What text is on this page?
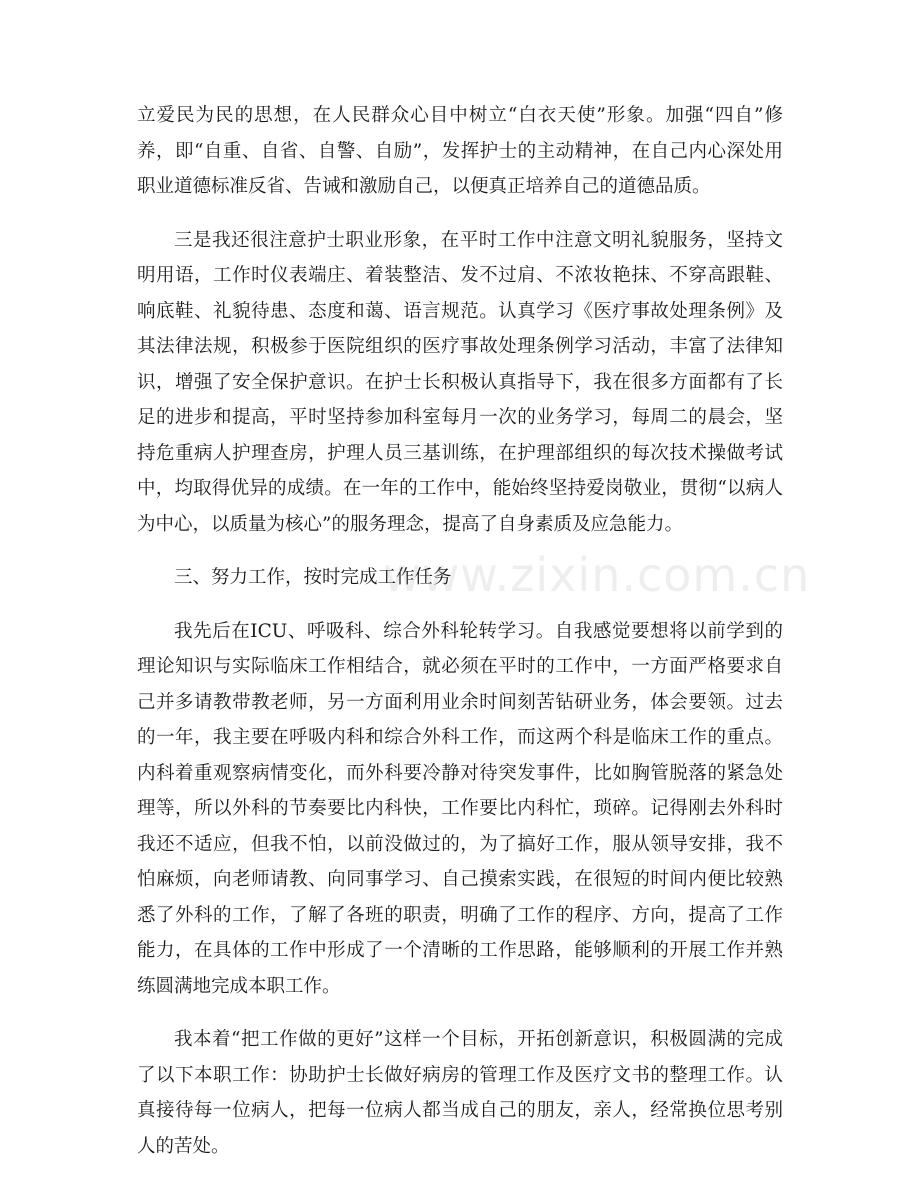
立爱民为民的思想，在人民群众心目中树立“白衣天使”形象。加强“四自”修养，即“自重、自省、自警、自励”，发挥护士的主动精神，在自己内心深处用职业道德标准反省、告诫和激励自己，以便真正培养自己的道德品质。

三是我还很注意护士职业形象，在平时工作中注意文明礼貌服务，坚持文明用语，工作时仪表端庄、着装整洁、发不过肩、不浓妆艳抹、不穿高跟鞋、响底鞋、礼貌待患、态度和蔼、语言规范。认真学习《医疗事故处理条例》及其法律法规，积极参于医院组织的医疗事故处理条例学习活动，丰富了法律知识，增强了安全保护意识。在护士长积极认真指导下，我在很多方面都有了长足的进步和提高，平时坚持参加科室每月一次的业务学习，每周二的晨会，坚持危重病人护理查房，护理人员三基训练，在护理部组织的每次技术操做考试中，均取得优异的成绩。在一年的工作中，能始终坚持爱岗敬业，贯彻“以病人为中心，以质量为核心”的服务理念，提高了自身素质及应急能力。

三、努力工作，按时完成工作任务

我先后在ICU、呼吸科、综合外科轮转学习。自我感觉要想将以前学到的理论知识与实际临床工作相结合，就必须在平时的工作中，一方面严格要求自己并多请教带教老师，另一方面利用业余时间刻苦钻研业务，体会要领。过去的一年，我主要在呼吸内科和综合外科工作，而这两个科是临床工作的重点。内科着重观察病情变化，而外科要冷静对待突发事件，比如胸管脱落的紧急处理等，所以外科的节奏要比内科快，工作要比内科忙，琐碎。记得刚去外科时我还不适应，但我不怕，以前没做过的，为了搞好工作，服从领导安排，我不怕麻烦，向老师请教、向同事学习、自己摸索实践，在很短的时间内便比较熟悉了外科的工作，了解了各班的职责，明确了工作的程序、方向，提高了工作能力，在具体的工作中形成了一个清晰的工作思路，能够顺利的开展工作并熟练圆满地完成本职工作。

我本着“把工作做的更好”这样一个目标，开拓创新意识，积极圆满的完成了以下本职工作：协助护士长做好病房的管理工作及医疗文书的整理工作。认真接待每一位病人，把每一位病人都当成自己的朋友，亲人，经常换位思考别人的苦处。

www.zixin.com.cn
